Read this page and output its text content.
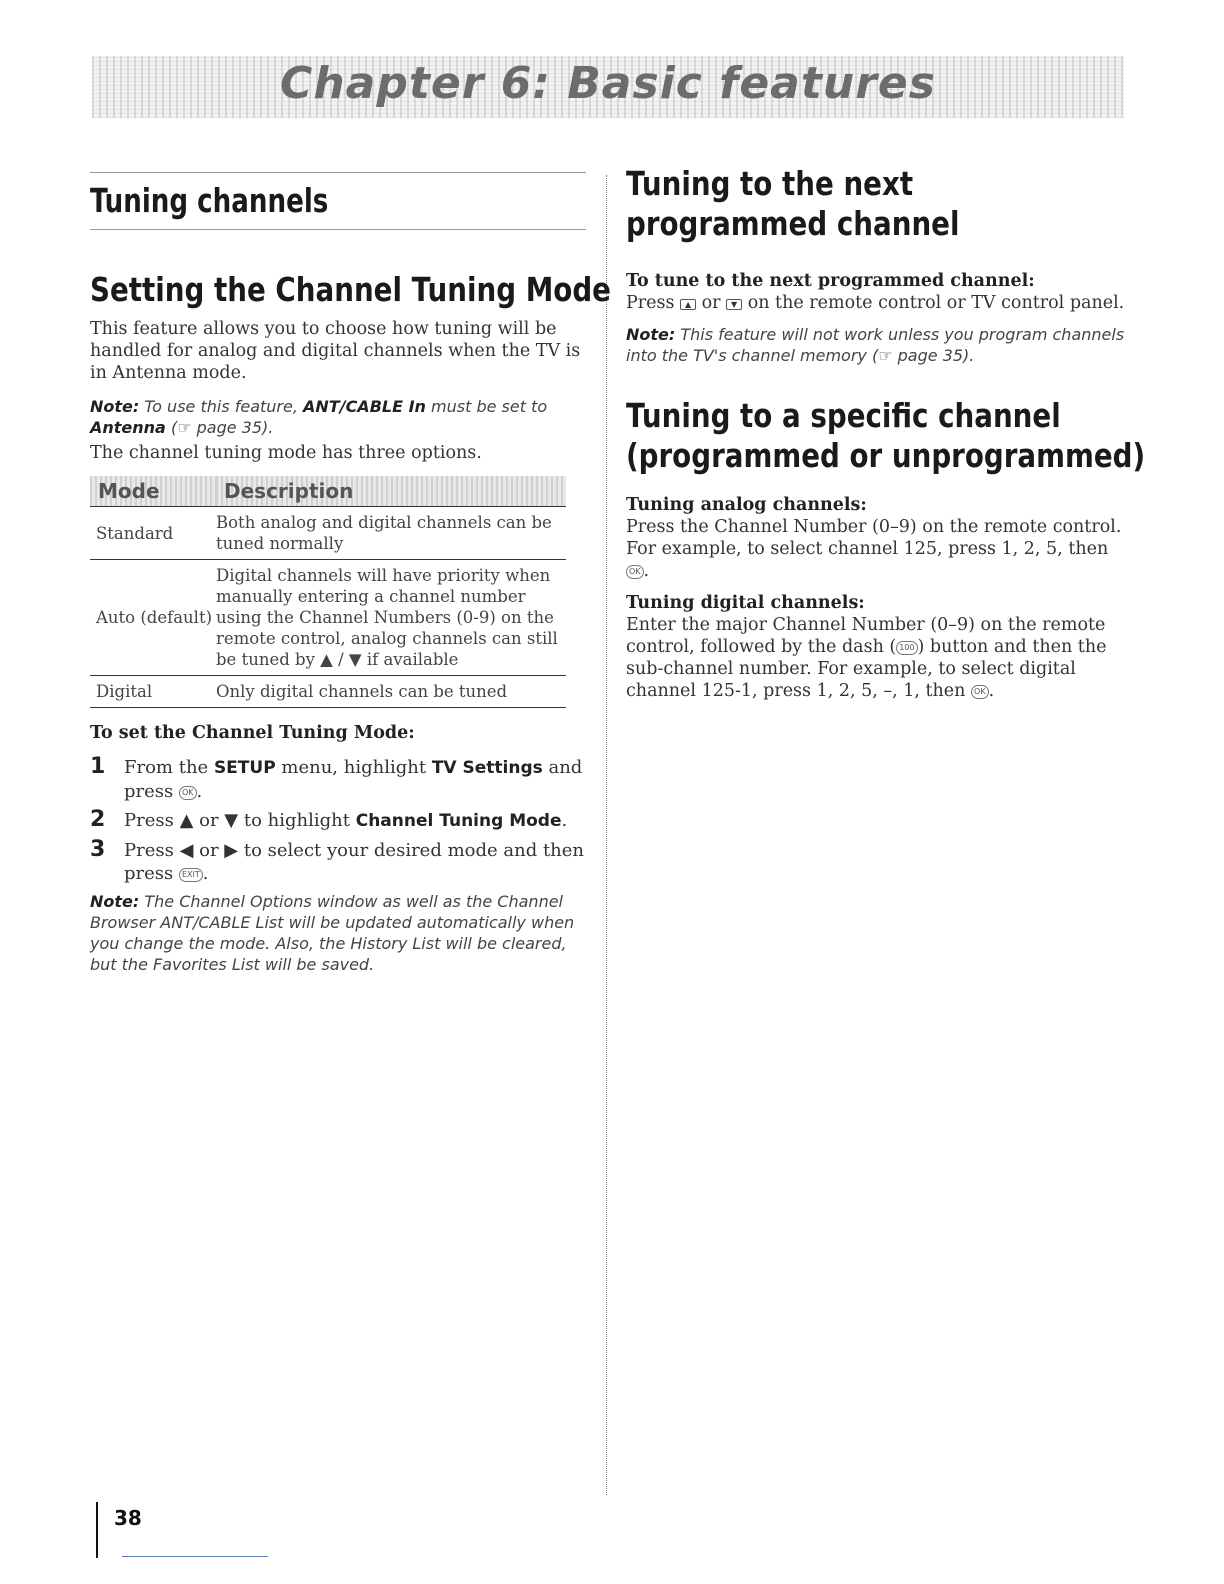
Chapter 6: Basic features
Tuning channels
Setting the Channel Tuning Mode

This feature allows you to choose how tuning will be handled for analog and digital channels when the TV is in Antenna mode.

Note: To use this feature, ANT/CABLE In must be set to Antenna (☞ page 35).

The channel tuning mode has three options.

Mode	Description
Standard	Both analog and digital channels can be tuned normally
Auto (default)	Digital channels will have priority when manually entering a channel number using the Channel Numbers (0-9) on the remote control, analog channels can still be tuned by ▲ / ▼ if available
Digital	Only digital channels can be tuned

To set the Channel Tuning Mode:

1 From the SETUP menu, highlight TV Settings and press OK .
2 Press ▲ or ▼ to highlight Channel Tuning Mode.
3 Press ◀ or ▶ to select your desired mode and then press EXIT .

Note: The Channel Options window as well as the Channel Browser ANT/CABLE List will be updated automatically when you change the mode. Also, the History List will be cleared, but the Favorites List will be saved.

Tuning to the next programmed channel

To tune to the next programmed channel:

Press ▲ or ▼ on the remote control or TV control panel.

Note: This feature will not work unless you program channels into the TV's channel memory (☞ page 35).

Tuning to a specific channel
(programmed or unprogrammed)

Tuning analog channels:

Press the Channel Number (0–9) on the remote control. For example, to select channel 125, press 1, 2, 5, then OK .

Tuning digital channels:

Enter the major Channel Number (0–9) on the remote control, followed by the dash ( 100 ) button and then the sub-channel number. For example, to select digital channel 125-1, press 1, 2, 5, –, 1, then OK .

38
